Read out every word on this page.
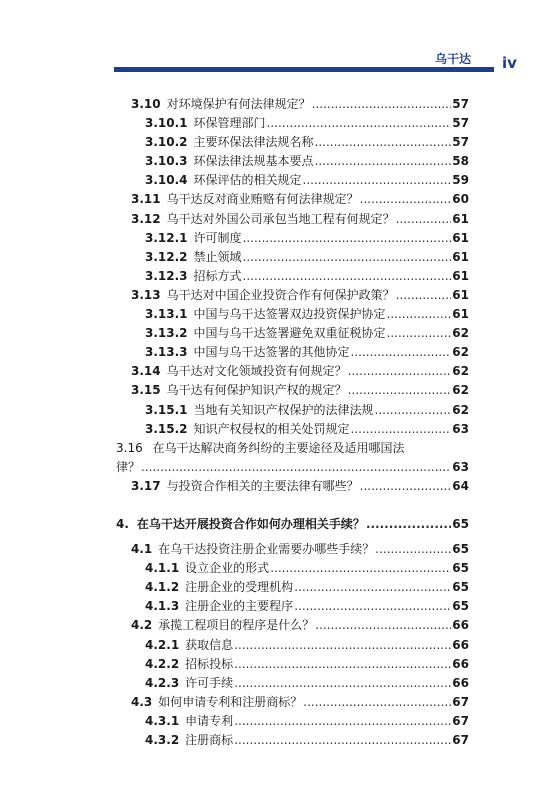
乌干达 iv
3.10 对环境保护有何法律规定？ .....	57
3.10.1 环保管理部门 .....	57
3.10.2 主要环保法律法规名称 .....	57
3.10.3 环保法律法规基本要点 .....	58
3.10.4 环保评估的相关规定 .....	59
3.11 乌干达反对商业贿赂有何法律规定？ .....	60
3.12 乌干达对外国公司承包当地工程有何规定？ .....	61
3.12.1 许可制度 .....	61
3.12.2 禁止领域 .....	61
3.12.3 招标方式 .....	61
3.13 乌干达对中国企业投资合作有何保护政策？ .....	61
3.13.1 中国与乌干达签署双边投资保护协定 .....	61
3.13.2 中国与乌干达签署避免双重征税协定 .....	62
3.13.3 中国与乌干达签署的其他协定 .....	62
3.14 乌干达对文化领域投资有何规定？ .....	62
3.15 乌干达有何保护知识产权的规定？ .....	62
3.15.1 当地有关知识产权保护的法律法规 .....	62
3.15.2 知识产权侵权的相关处罚规定 .....	63
3.16 在乌干达解决商务纠纷的主要途径及适用哪国法
律？ .....	63
3.17 与投资合作相关的主要法律有哪些？ .....	64
4. 在乌干达开展投资合作如何办理相关手续？ .....	65
4.1 在乌干达投资注册企业需要办哪些手续？ .....	65
4.1.1 设立企业的形式 .....	65
4.1.2 注册企业的受理机构 .....	65
4.1.3 注册企业的主要程序 .....	65
4.2 承揽工程项目的程序是什么？ .....	66
4.2.1 获取信息 .....	66
4.2.2 招标投标 .....	66
4.2.3 许可手续 .....	66
4.3 如何申请专利和注册商标？ .....	67
4.3.1 申请专利 .....	67
4.3.2 注册商标 .....	67
